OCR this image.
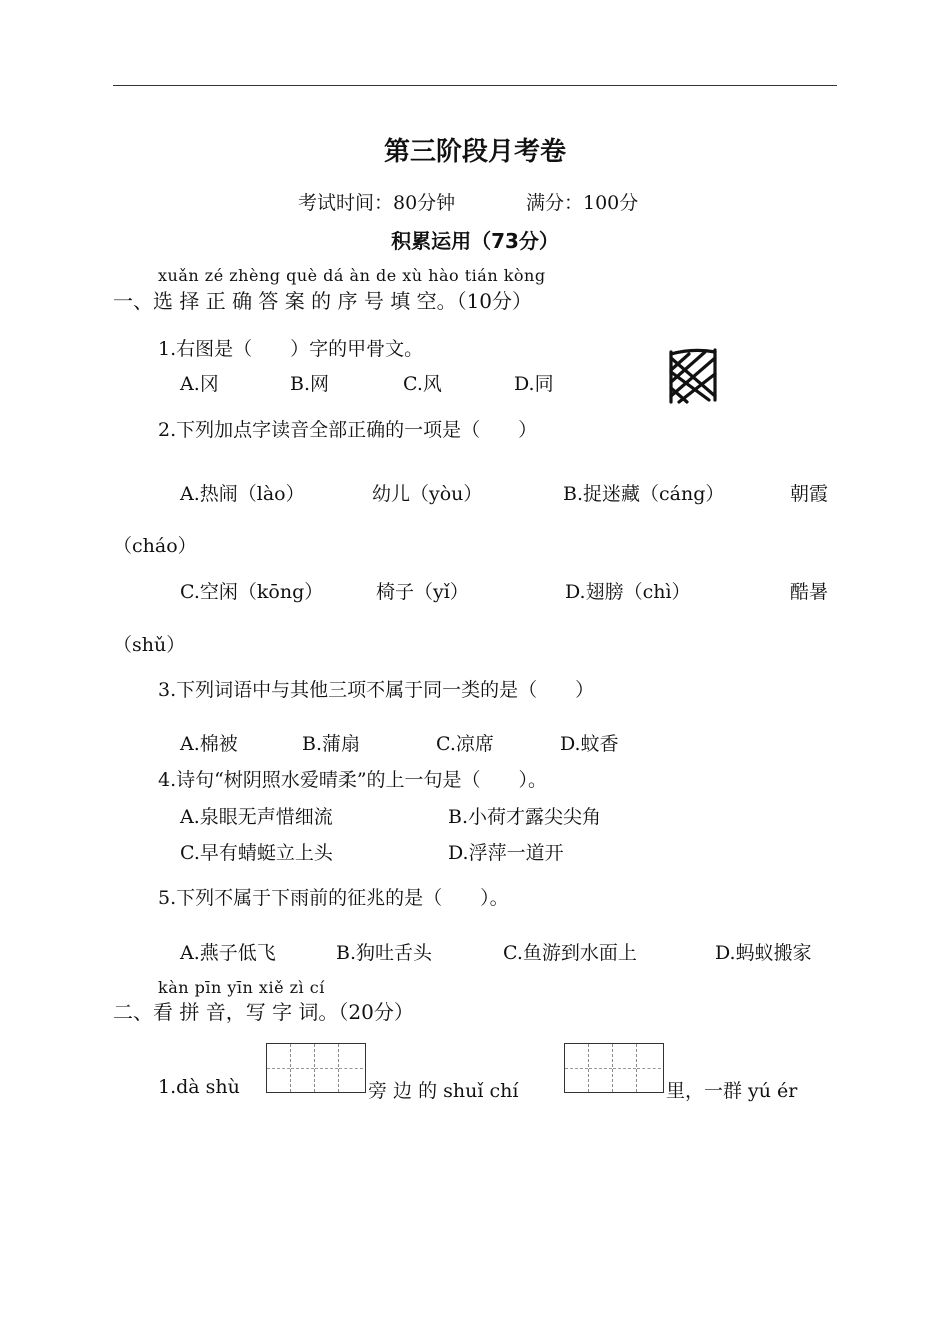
第三阶段月考卷
考试时间：80分钟	满分：100分
积累运用（73分）
xuǎn zé zhèng què dá àn de xù hào tián kòng
一、选 择 正 确 答 案 的 序 号 填 空。（10分）
1.右图是（　　）字的甲骨文。
A.冈	B.网	C.风	D.同
2.下列加点字读音全部正确的一项是（　　）
A.热闹（lào）	幼儿（yòu）	B.捉迷藏（cáng）	朝霞
（cháo）
C.空闲（kōng）	椅子（yǐ）	D.翅膀（chì）	酷暑
（shǔ）
3.下列词语中与其他三项不属于同一类的是（　　）
A.棉被	B.蒲扇	C.凉席	D.蚊香
4.诗句“树阴照水爱晴柔”的上一句是（　　）。
A.泉眼无声惜细流	B.小荷才露尖尖角
C.早有蜻蜓立上头	D.浮萍一道开
5.下列不属于下雨前的征兆的是（　　）。
A.燕子低飞	B.狗吐舌头	C.鱼游到水面上	D.蚂蚁搬家
kàn pīn yīn xiě zì cí
二、看 拼 音，写 字 词。（20分）
1.dà shù	旁 边 的 shuǐ chí	里，一群 yú ér
